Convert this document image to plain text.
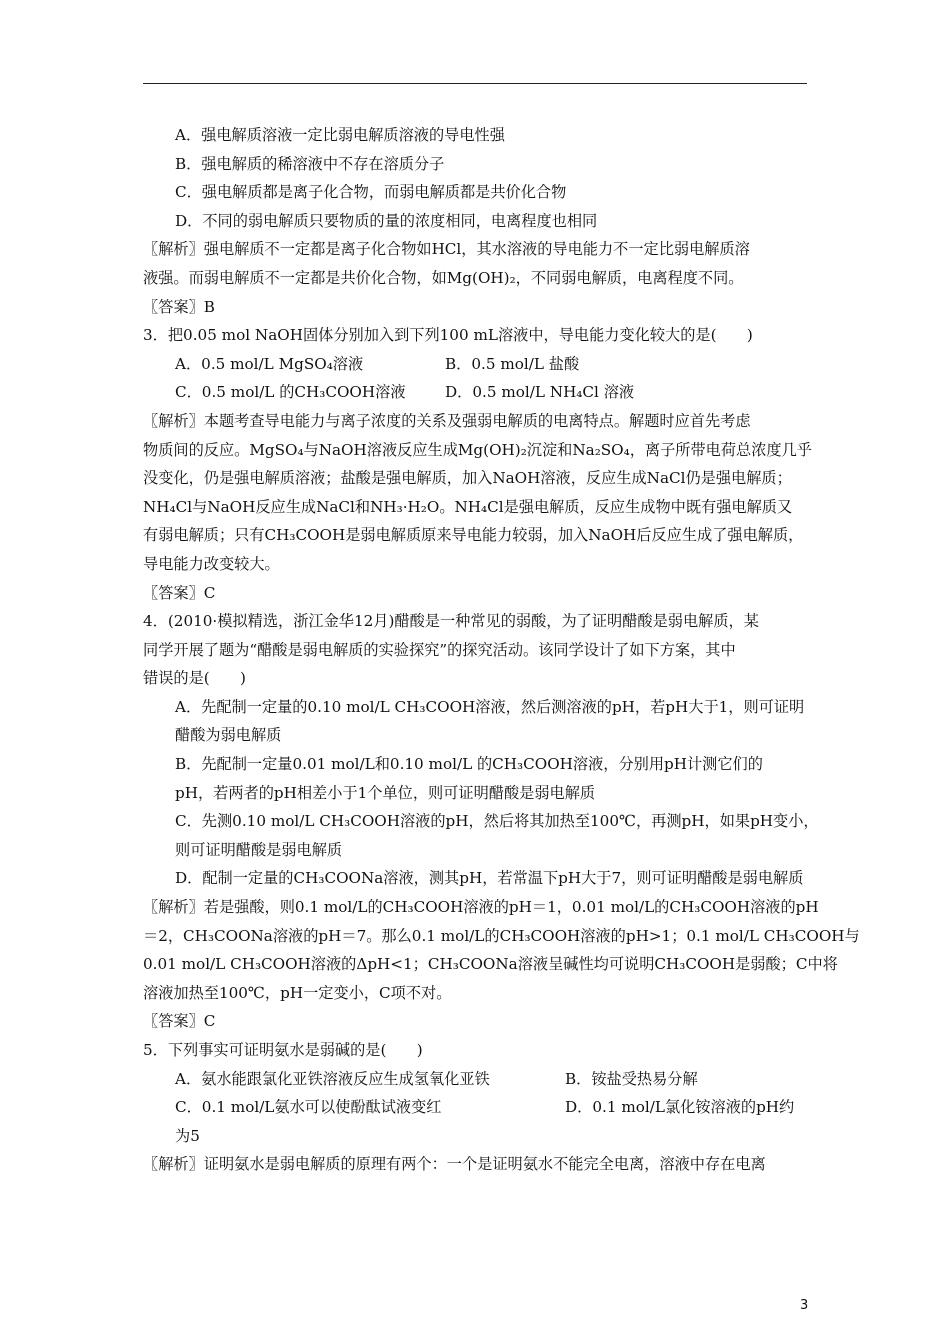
A．强电解质溶液一定比弱电解质溶液的导电性强
B．强电解质的稀溶液中不存在溶质分子
C．强电解质都是离子化合物，而弱电解质都是共价化合物
D．不同的弱电解质只要物质的量的浓度相同，电离程度也相同
〖解析〗强电解质不一定都是离子化合物如HCl，其水溶液的导电能力不一定比弱电解质溶
液强。而弱电解质不一定都是共价化合物，如Mg(OH)₂，不同弱电解质，电离程度不同。
〖答案〗B
3．把0.05 mol NaOH固体分别加入到下列100 mL溶液中，导电能力变化较大的是(　　)
A．0.5 mol/L MgSO₄溶液	B．0.5 mol/L 盐酸
C．0.5 mol/L 的CH₃COOH溶液	D．0.5 mol/L NH₄Cl 溶液
〖解析〗本题考查导电能力与离子浓度的关系及强弱电解质的电离特点。解题时应首先考虑
物质间的反应。MgSO₄与NaOH溶液反应生成Mg(OH)₂沉淀和Na₂SO₄，离子所带电荷总浓度几乎
没变化，仍是强电解质溶液；盐酸是强电解质，加入NaOH溶液，反应生成NaCl仍是强电解质；
NH₄Cl与NaOH反应生成NaCl和NH₃·H₂O。NH₄Cl是强电解质，反应生成物中既有强电解质又
有弱电解质；只有CH₃COOH是弱电解质原来导电能力较弱，加入NaOH后反应生成了强电解质，
导电能力改变较大。
〖答案〗C
4．(2010·模拟精选，浙江金华12月)醋酸是一种常见的弱酸，为了证明醋酸是弱电解质，某
同学开展了题为“醋酸是弱电解质的实验探究”的探究活动。该同学设计了如下方案，其中
错误的是(　　)
A．先配制一定量的0.10 mol/L CH₃COOH溶液，然后测溶液的pH，若pH大于1，则可证明
醋酸为弱电解质
B．先配制一定量0.01 mol/L和0.10 mol/L 的CH₃COOH溶液，分别用pH计测它们的
pH，若两者的pH相差小于1个单位，则可证明醋酸是弱电解质
C．先测0.10 mol/L CH₃COOH溶液的pH，然后将其加热至100℃，再测pH，如果pH变小，
则可证明醋酸是弱电解质
D．配制一定量的CH₃COONa溶液，测其pH，若常温下pH大于7，则可证明醋酸是弱电解质
〖解析〗若是强酸，则0.1 mol/L的CH₃COOH溶液的pH＝1，0.01 mol/L的CH₃COOH溶液的pH
＝2，CH₃COONa溶液的pH＝7。那么0.1 mol/L的CH₃COOH溶液的pH>1；0.1 mol/L CH₃COOH与
0.01 mol/L CH₃COOH溶液的ΔpH<1；CH₃COONa溶液呈碱性均可说明CH₃COOH是弱酸；C中将
溶液加热至100℃，pH一定变小，C项不对。
〖答案〗C
5．下列事实可证明氨水是弱碱的是(　　)
A．氨水能跟氯化亚铁溶液反应生成氢氧化亚铁	B．铵盐受热易分解
C．0.1 mol/L氨水可以使酚酞试液变红	D．0.1 mol/L氯化铵溶液的pH约
为5
〖解析〗证明氨水是弱电解质的原理有两个：一个是证明氨水不能完全电离，溶液中存在电离
3
